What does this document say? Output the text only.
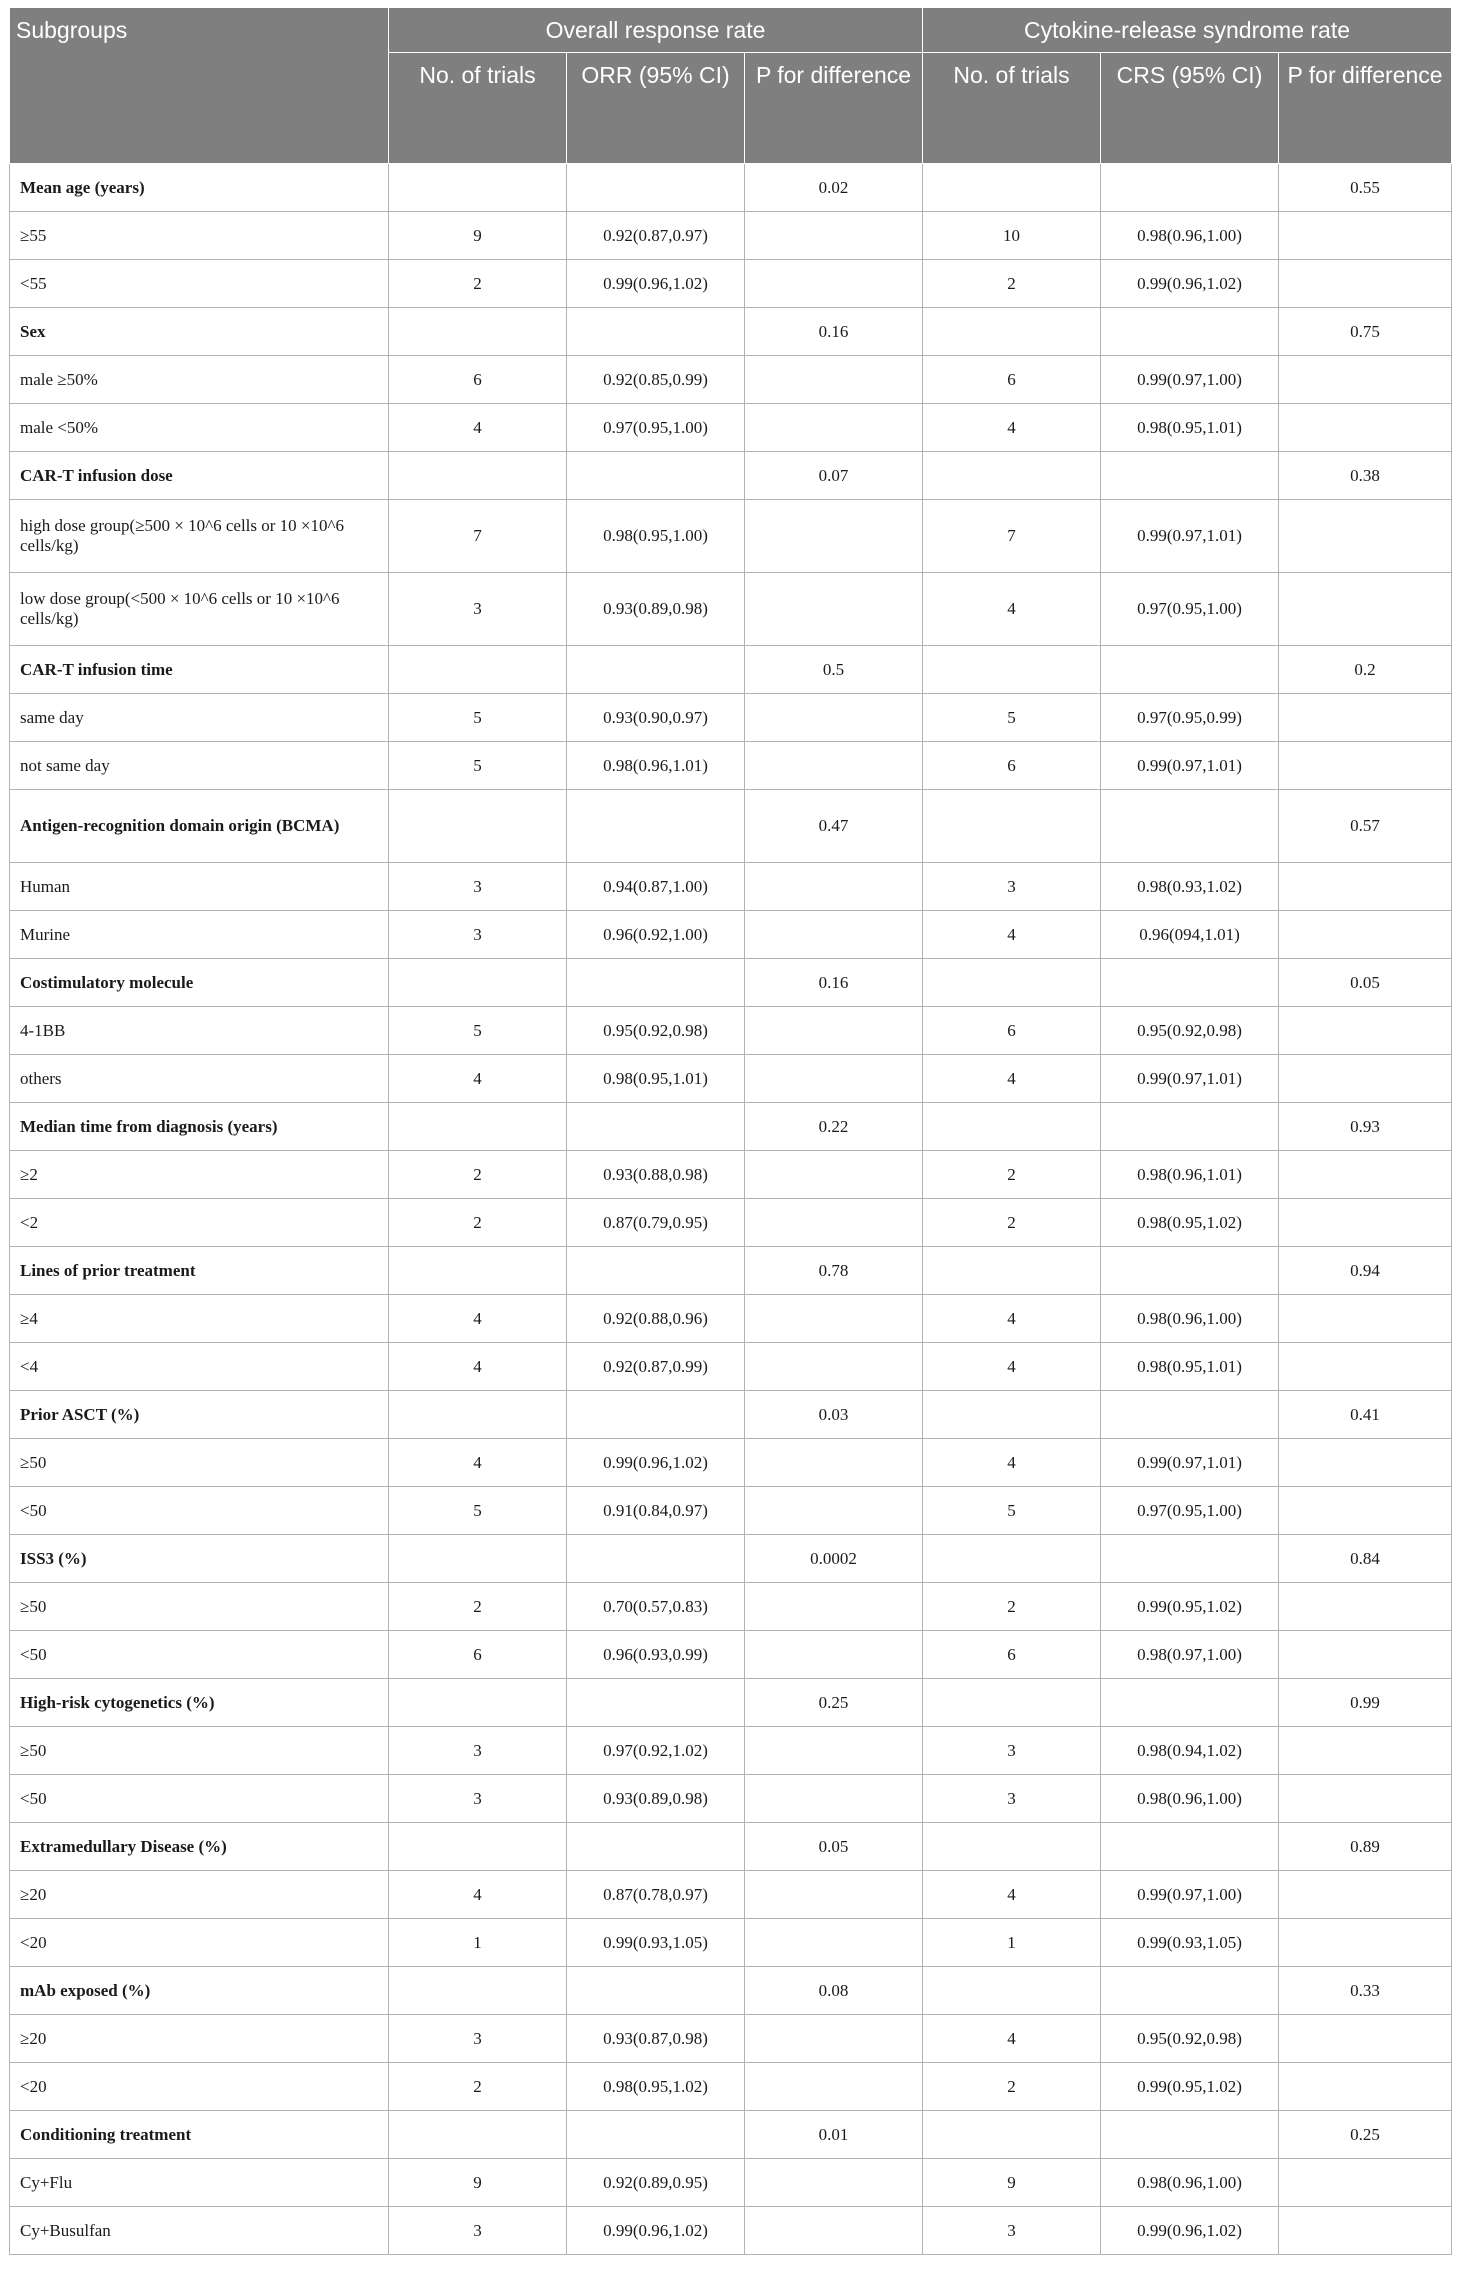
Subgroups	Overall response rate			Cytokine-release syndrome rate		
	No. of trials	ORR (95% CI)	P for difference	No. of trials	CRS (95% CI)	P for difference
Mean age (years)			0.02			0.55
≥55	9	0.92(0.87,0.97)		10	0.98(0.96,1.00)	
<55	2	0.99(0.96,1.02)		2	0.99(0.96,1.02)	
Sex			0.16			0.75
male ≥50%	6	0.92(0.85,0.99)		6	0.99(0.97,1.00)	
male <50%	4	0.97(0.95,1.00)		4	0.98(0.95,1.01)	
CAR-T infusion dose			0.07			0.38
high dose group(≥500 × 10^6 cells or 10 ×10^6 cells/kg)	7	0.98(0.95,1.00)		7	0.99(0.97,1.01)	
low dose group(<500 × 10^6 cells or 10 ×10^6 cells/kg)	3	0.93(0.89,0.98)		4	0.97(0.95,1.00)	
CAR-T infusion time			0.5			0.2
same day	5	0.93(0.90,0.97)		5	0.97(0.95,0.99)	
not same day	5	0.98(0.96,1.01)		6	0.99(0.97,1.01)	
Antigen-recognition domain origin (BCMA)			0.47			0.57
Human	3	0.94(0.87,1.00)		3	0.98(0.93,1.02)	
Murine	3	0.96(0.92,1.00)		4	0.96(094,1.01)	
Costimulatory molecule			0.16			0.05
4-1BB	5	0.95(0.92,0.98)		6	0.95(0.92,0.98)	
others	4	0.98(0.95,1.01)		4	0.99(0.97,1.01)	
Median time from diagnosis (years)			0.22			0.93
≥2	2	0.93(0.88,0.98)		2	0.98(0.96,1.01)	
<2	2	0.87(0.79,0.95)		2	0.98(0.95,1.02)	
Lines of prior treatment			0.78			0.94
≥4	4	0.92(0.88,0.96)		4	0.98(0.96,1.00)	
<4	4	0.92(0.87,0.99)		4	0.98(0.95,1.01)	
Prior ASCT (%)			0.03			0.41
≥50	4	0.99(0.96,1.02)		4	0.99(0.97,1.01)	
<50	5	0.91(0.84,0.97)		5	0.97(0.95,1.00)	
ISS3 (%)			0.0002			0.84
≥50	2	0.70(0.57,0.83)		2	0.99(0.95,1.02)	
<50	6	0.96(0.93,0.99)		6	0.98(0.97,1.00)	
High-risk cytogenetics (%)			0.25			0.99
≥50	3	0.97(0.92,1.02)		3	0.98(0.94,1.02)	
<50	3	0.93(0.89,0.98)		3	0.98(0.96,1.00)	
Extramedullary Disease (%)			0.05			0.89
≥20	4	0.87(0.78,0.97)		4	0.99(0.97,1.00)	
<20	1	0.99(0.93,1.05)		1	0.99(0.93,1.05)	
mAb exposed (%)			0.08			0.33
≥20	3	0.93(0.87,0.98)		4	0.95(0.92,0.98)	
<20	2	0.98(0.95,1.02)		2	0.99(0.95,1.02)	
Conditioning treatment			0.01			0.25
Cy+Flu	9	0.92(0.89,0.95)		9	0.98(0.96,1.00)	
Cy+Busulfan	3	0.99(0.96,1.02)		3	0.99(0.96,1.02)	
